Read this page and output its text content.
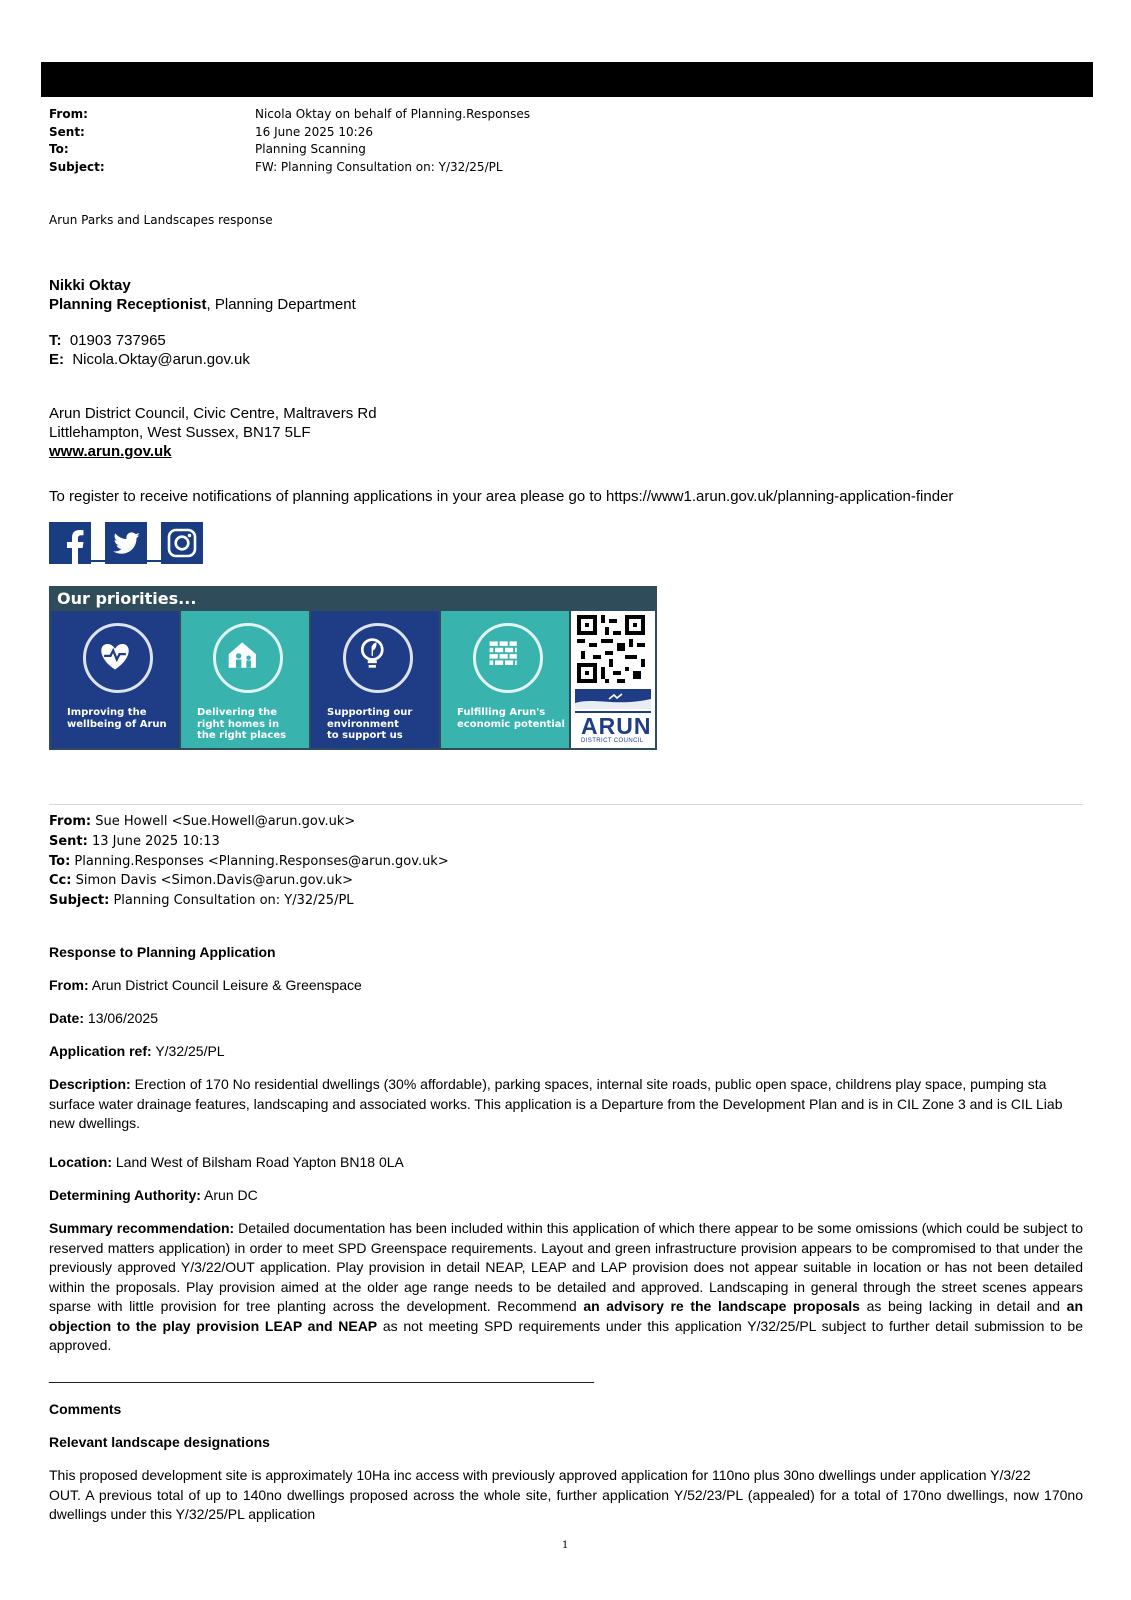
From:	Nicola Oktay on behalf of Planning.Responses
Sent:	16 June 2025 10:26
To:	Planning Scanning
Subject:	FW: Planning Consultation on: Y/32/25/PL
Arun Parks and Landscapes response
Nikki Oktay
Planning Receptionist, Planning Department
T: 01903 737965
E: Nicola.Oktay@arun.gov.uk
Arun District Council, Civic Centre, Maltravers Rd
Littlehampton, West Sussex, BN17 5LF
www.arun.gov.uk
To register to receive notifications of planning applications in your area please go to https://www1.arun.gov.uk/planning-application-finder
Our priorities...
Improving the
wellbeing of Arun
Delivering the
right homes in
the right places
Supporting our
environment
to support us
Fulfilling Arun's
economic potential ARUN
DISTRICT COUNCIL
From: Sue Howell <Sue.Howell@arun.gov.uk>
Sent: 13 June 2025 10:13
To: Planning.Responses <Planning.Responses@arun.gov.uk>
Cc: Simon Davis <Simon.Davis@arun.gov.uk>
Subject: Planning Consultation on: Y/32/25/PL
Response to Planning Application
From: Arun District Council Leisure & Greenspace
Date: 13/06/2025
Application ref: Y/32/25/PL
Description: Erection of 170 No residential dwellings (30% affordable), parking spaces, internal site roads, public open space, childrens play space, pumping sta
surface water drainage features, landscaping and associated works. This application is a Departure from the Development Plan and is in CIL Zone 3 and is CIL Liab
new dwellings.
Location: Land West of Bilsham Road Yapton BN18 0LA
Determining Authority: Arun DC
Summary recommendation: Detailed documentation has been included within this application of which there appear to be some omissions (which could be subject to reserved matters application) in order to meet SPD Greenspace requirements. Layout and green infrastructure provision appears to be compromised to that under the previously approved Y/3/22/OUT application. Play provision in detail NEAP, LEAP and LAP provision does not appear suitable in location or has not been detailed within the proposals. Play provision aimed at the older age range needs to be detailed and approved. Landscaping in general through the street scenes appears sparse with little provision for tree planting across the development. Recommend an advisory re the landscape proposals as being lacking in detail and an objection to the play provision LEAP and NEAP as not meeting SPD requirements under this application Y/32/25/PL subject to further detail submission to be approved.
______________________________________________________________________
Comments
Relevant landscape designations
This proposed development site is approximately 10Ha inc access with previously approved application for 110no plus 30no dwellings under application Y/3/22
OUT. A previous total of up to 140no dwellings proposed across the whole site, further application Y/52/23/PL (appealed) for a total of 170no dwellings, now 170no dwellings under this Y/32/25/PL application
1
